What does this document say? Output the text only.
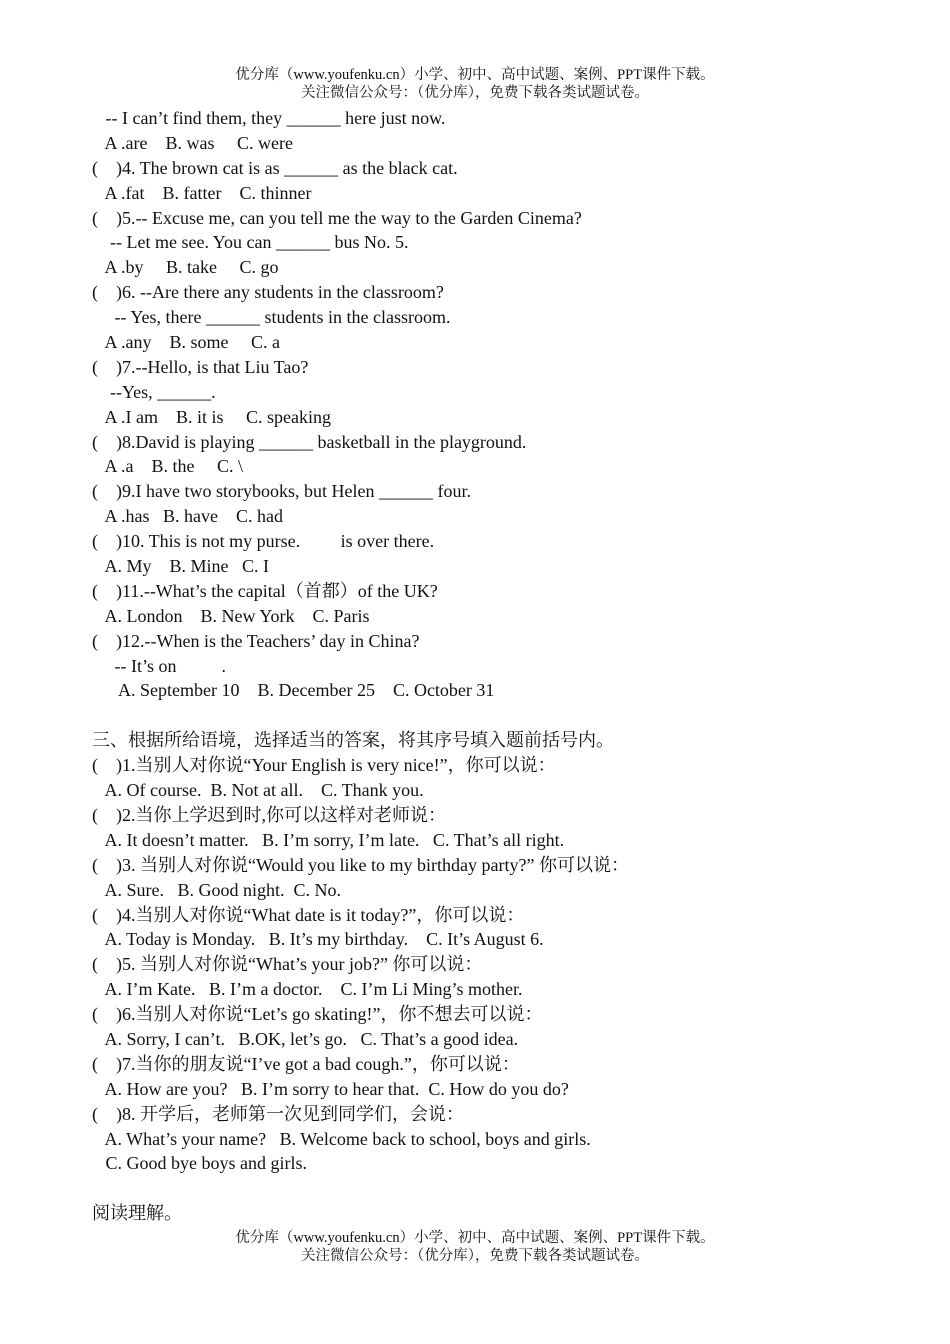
优分库（www.youfenku.cn）小学、初中、高中试题、案例、PPT课件下载。
关注微信公众号：（优分库），免费下载各类试题试卷。
-- I can’t find them, they ______ here just now.
A .are    B. was     C. were
(    )4. The brown cat is as ______ as the black cat.
A .fat    B. fatter    C. thinner
(    )5.-- Excuse me, can you tell me the way to the Garden Cinema?
-- Let me see. You can ______ bus No. 5.
A .by     B. take     C. go
(    )6. --Are there any students in the classroom?
-- Yes, there ______ students in the classroom.
A .any    B. some     C. a
(    )7.--Hello, is that Liu Tao?
--Yes, ______.
A .I am    B. it is     C. speaking
(    )8.David is playing ______ basketball in the playground.
A .a    B. the     C. \
(    )9.I have two storybooks, but Helen ______ four.
A .has   B. have    C. had
(    )10. This is not my purse.         is over there.
A. My    B. Mine   C. I
(    )11.--What’s the capital（首都）of the UK?
A. London    B. New York    C. Paris
(    )12.--When is the Teachers’ day in China?
-- It’s on          .
A. September 10    B. December 25    C. October 31
三、根据所给语境，选择适当的答案，将其序号填入题前括号内。
(    )1.当别人对你说“Your English is very nice!”，你可以说：
A. Of course.  B. Not at all.    C. Thank you.
(    )2.当你上学迟到时,你可以这样对老师说：
A. It doesn’t matter.   B. I’m sorry, I’m late.   C. That’s all right.
(    )3. 当别人对你说“Would you like to my birthday party?” 你可以说：
A. Sure.   B. Good night.  C. No.
(    )4.当别人对你说“What date is it today?”，你可以说：
A. Today is Monday.   B. It’s my birthday.    C. It’s August 6.
(    )5. 当别人对你说“What’s your job?” 你可以说：
A. I’m Kate.   B. I’m a doctor.    C. I’m Li Ming’s mother.
(    )6.当别人对你说“Let’s go skating!”，你不想去可以说：
A. Sorry, I can’t.   B.OK, let’s go.   C. That’s a good idea.
(    )7.当你的朋友说“I’ve got a bad cough.”，你可以说：
A. How are you?   B. I’m sorry to hear that.  C. How do you do?
(    )8. 开学后，老师第一次见到同学们，会说：
A. What’s your name?   B. Welcome back to school, boys and girls.
C. Good bye boys and girls.
阅读理解。
优分库（www.youfenku.cn）小学、初中、高中试题、案例、PPT课件下载。
关注微信公众号：（优分库），免费下载各类试题试卷。
